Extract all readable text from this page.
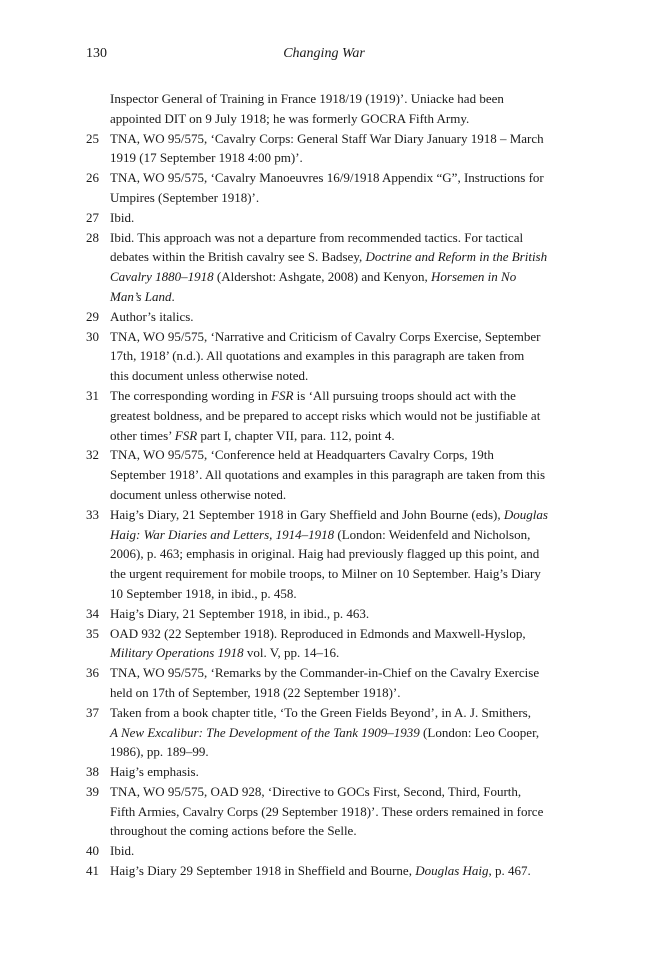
130	Changing War
Inspector General of Training in France 1918/19 (1919)’. Uniacke had been
appointed DIT on 9 July 1918; he was formerly GOCRA Fifth Army.
25 TNA, WO 95/575, ‘Cavalry Corps: General Staff War Diary January 1918 – March
1919 (17 September 1918 4:00 pm)’.
26 TNA, WO 95/575, ‘Cavalry Manoeuvres 16/9/1918 Appendix “G”, Instructions for
Umpires (September 1918)’.
27 Ibid.
28 Ibid. This approach was not a departure from recommended tactics. For tactical
debates within the British cavalry see S. Badsey, Doctrine and Reform in the British
Cavalry 1880–1918 (Aldershot: Ashgate, 2008) and Kenyon, Horsemen in No
Man’s Land.
29 Author’s italics.
30 TNA, WO 95/575, ‘Narrative and Criticism of Cavalry Corps Exercise, September
17th, 1918’ (n.d.). All quotations and examples in this paragraph are taken from
this document unless otherwise noted.
31 The corresponding wording in FSR is ‘All pursuing troops should act with the
greatest boldness, and be prepared to accept risks which would not be justifiable at
other times’ FSR part I, chapter VII, para. 112, point 4.
32 TNA, WO 95/575, ‘Conference held at Headquarters Cavalry Corps, 19th
September 1918’. All quotations and examples in this paragraph are taken from this
document unless otherwise noted.
33 Haig’s Diary, 21 September 1918 in Gary Sheffield and John Bourne (eds), Douglas
Haig: War Diaries and Letters, 1914–1918 (London: Weidenfeld and Nicholson,
2006), p. 463; emphasis in original. Haig had previously flagged up this point, and
the urgent requirement for mobile troops, to Milner on 10 September. Haig’s Diary
10 September 1918, in ibid., p. 458.
34 Haig’s Diary, 21 September 1918, in ibid., p. 463.
35 OAD 932 (22 September 1918). Reproduced in Edmonds and Maxwell-Hyslop,
Military Operations 1918 vol. V, pp. 14–16.
36 TNA, WO 95/575, ‘Remarks by the Commander-in-Chief on the Cavalry Exercise
held on 17th of September, 1918 (22 September 1918)’.
37 Taken from a book chapter title, ‘To the Green Fields Beyond’, in A. J. Smithers,
A New Excalibur: The Development of the Tank 1909–1939 (London: Leo Cooper,
1986), pp. 189–99.
38 Haig’s emphasis.
39 TNA, WO 95/575, OAD 928, ‘Directive to GOCs First, Second, Third, Fourth,
Fifth Armies, Cavalry Corps (29 September 1918)’. These orders remained in force
throughout the coming actions before the Selle.
40 Ibid.
41 Haig’s Diary 29 September 1918 in Sheffield and Bourne, Douglas Haig, p. 467.
